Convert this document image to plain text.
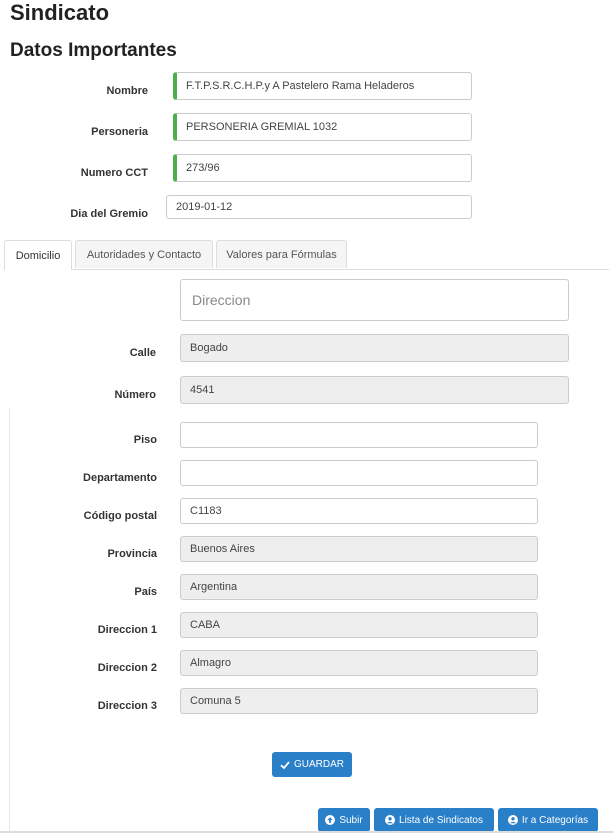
Sindicato
Datos Importantes
Nombre	F.T.P.S.R.C.H.P.y A Pastelero Rama Heladeros
Personeria	PERSONERIA GREMIAL 1032
Numero CCT	273/96
Dia del Gremio
2019-01-12
Domicilio	Autoridades y Contacto	Valores para Fórmulas
Direccion
Calle	Bogado
Número	4541
Piso
Departamento
Código postal	C1183
Provincia	Buenos Aires
País	Argentina
Direccion 1	CABA
Direccion 2	Almagro
Direccion 3	Comuna 5
GUARDAR
Subir	Lista de Sindicatos	Ir a Categorías
